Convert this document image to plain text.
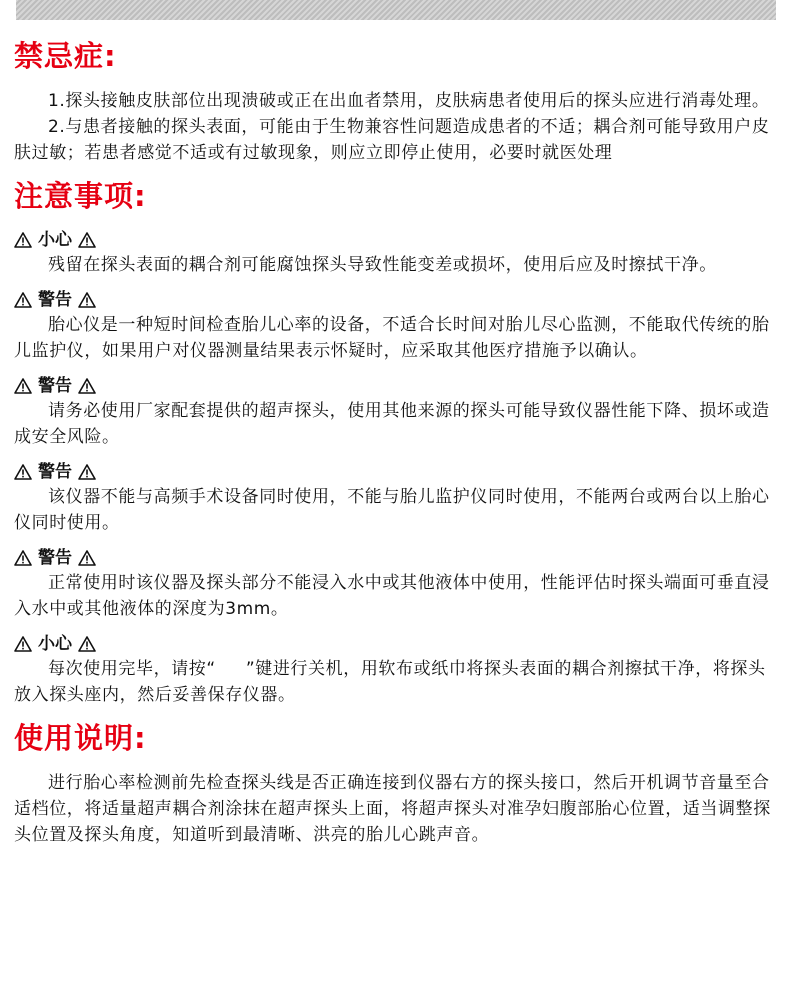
禁忌症:

1.探头接触皮肤部位出现溃破或正在出血者禁用，皮肤病患者使用后的探头应进行消毒处理。

2.与患者接触的探头表面，可能由于生物兼容性问题造成患者的不适；耦合剂可能导致用户皮肤过敏；若患者感觉不适或有过敏现象，则应立即停止使用，必要时就医处理

注意事项:

小心

残留在探头表面的耦合剂可能腐蚀探头导致性能变差或损坏，使用后应及时擦拭干净。

警告

胎心仪是一种短时间检查胎儿心率的设备，不适合长时间对胎儿尽心监测，不能取代传统的胎儿监护仪，如果用户对仪器测量结果表示怀疑时，应采取其他医疗措施予以确认。

警告

请务必使用厂家配套提供的超声探头，使用其他来源的探头可能导致仪器性能下降、损坏或造成安全风险。

警告

该仪器不能与高频手术设备同时使用，不能与胎儿监护仪同时使用，不能两台或两台以上胎心仪同时使用。

警告

正常使用时该仪器及探头部分不能浸入水中或其他液体中使用，性能评估时探头端面可垂直浸入水中或其他液体的深度为3mm。

小心

每次使用完毕，请按“ ”键进行关机，用软布或纸巾将探头表面的耦合剂擦拭干净，将探头放入探头座内，然后妥善保存仪器。

使用说明:

进行胎心率检测前先检查探头线是否正确连接到仪器右方的探头接口，然后开机调节音量至合适档位，将适量超声耦合剂涂抹在超声探头上面，将超声探头对准孕妇腹部胎心位置，适当调整探头位置及探头角度，知道听到最清晰、洪亮的胎儿心跳声音。
